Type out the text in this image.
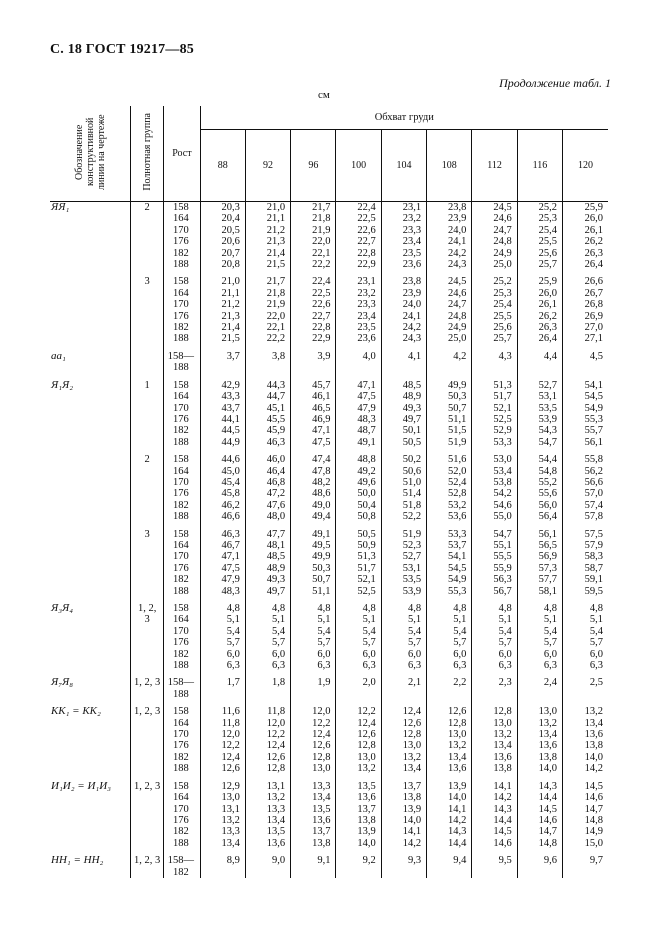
С. 18 ГОСТ 19217—85
Продолжение табл. 1
см
Обозначение конструктивной линии на чертеже	Полнотная группа	Рост	Обхват груди								
			88	92	96	100	104	108	112	116	120
ЯЯ₁	2	158	20,3	21,0	21,7	22,4	23,1	23,8	24,5	25,2	25,9
		164	20,4	21,1	21,8	22,5	23,2	23,9	24,6	25,3	26,0
		170	20,5	21,2	21,9	22,6	23,3	24,0	24,7	25,4	26,1
		176	20,6	21,3	22,0	22,7	23,4	24,1	24,8	25,5	26,2
		182	20,7	21,4	22,1	22,8	23,5	24,2	24,9	25,6	26,3
		188	20,8	21,5	22,2	22,9	23,6	24,3	25,0	25,7	26,4
	3	158	21,0	21,7	22,4	23,1	23,8	24,5	25,2	25,9	26,6
		164	21,1	21,8	22,5	23,2	23,9	24,6	25,3	26,0	26,7
		170	21,2	21,9	22,6	23,3	24,0	24,7	25,4	26,1	26,8
		176	21,3	22,0	22,7	23,4	24,1	24,8	25,5	26,2	26,9
		182	21,4	22,1	22,8	23,5	24,2	24,9	25,6	26,3	27,0
		188	21,5	22,2	22,9	23,6	24,3	25,0	25,7	26,4	27,1
аа₁		158—	3,7	3,8	3,9	4,0	4,1	4,2	4,3	4,4	4,5
		188									
Я₁Я₂	1	158	42,9	44,3	45,7	47,1	48,5	49,9	51,3	52,7	54,1
		164	43,3	44,7	46,1	47,5	48,9	50,3	51,7	53,1	54,5
		170	43,7	45,1	46,5	47,9	49,3	50,7	52,1	53,5	54,9
		176	44,1	45,5	46,9	48,3	49,7	51,1	52,5	53,9	55,3
		182	44,5	45,9	47,1	48,7	50,1	51,5	52,9	54,3	55,7
		188	44,9	46,3	47,5	49,1	50,5	51,9	53,3	54,7	56,1
	2	158	44,6	46,0	47,4	48,8	50,2	51,6	53,0	54,4	55,8
		164	45,0	46,4	47,8	49,2	50,6	52,0	53,4	54,8	56,2
		170	45,4	46,8	48,2	49,6	51,0	52,4	53,8	55,2	56,6
		176	45,8	47,2	48,6	50,0	51,4	52,8	54,2	55,6	57,0
		182	46,2	47,6	49,0	50,4	51,8	53,2	54,6	56,0	57,4
		188	46,6	48,0	49,4	50,8	52,2	53,6	55,0	56,4	57,8
	3	158	46,3	47,7	49,1	50,5	51,9	53,3	54,7	56,1	57,5
		164	46,7	48,1	49,5	50,9	52,3	53,7	55,1	56,5	57,9
		170	47,1	48,5	49,9	51,3	52,7	54,1	55,5	56,9	58,3
		176	47,5	48,9	50,3	51,7	53,1	54,5	55,9	57,3	58,7
		182	47,9	49,3	50,7	52,1	53,5	54,9	56,3	57,7	59,1
		188	48,3	49,7	51,1	52,5	53,9	55,3	56,7	58,1	59,5
Я₃Я₄	1, 2,	158	4,8	4,8	4,8	4,8	4,8	4,8	4,8	4,8	4,8
	3	164	5,1	5,1	5,1	5,1	5,1	5,1	5,1	5,1	5,1
		170	5,4	5,4	5,4	5,4	5,4	5,4	5,4	5,4	5,4
		176	5,7	5,7	5,7	5,7	5,7	5,7	5,7	5,7	5,7
		182	6,0	6,0	6,0	6,0	6,0	6,0	6,0	6,0	6,0
		188	6,3	6,3	6,3	6,3	6,3	6,3	6,3	6,3	6,3
Я₇Я₈	1, 2, 3	158—188	1,7	1,8	1,9	2,0	2,1	2,2	2,3	2,4	2,5
КК₁ = КК₂	1, 2, 3	158	11,6	11,8	12,0	12,2	12,4	12,6	12,8	13,0	13,2
		164	11,8	12,0	12,2	12,4	12,6	12,8	13,0	13,2	13,4
		170	12,0	12,2	12,4	12,6	12,8	13,0	13,2	13,4	13,6
		176	12,2	12,4	12,6	12,8	13,0	13,2	13,4	13,6	13,8
		182	12,4	12,6	12,8	13,0	13,2	13,4	13,6	13,8	14,0
		188	12,6	12,8	13,0	13,2	13,4	13,6	13,8	14,0	14,2
И₁И₂ = И₁И₃	1, 2, 3	158	12,9	13,1	13,3	13,5	13,7	13,9	14,1	14,3	14,5
		164	13,0	13,2	13,4	13,6	13,8	14,0	14,2	14,4	14,6
		170	13,1	13,3	13,5	13,7	13,9	14,1	14,3	14,5	14,7
		176	13,2	13,4	13,6	13,8	14,0	14,2	14,4	14,6	14,8
		182	13,3	13,5	13,7	13,9	14,1	14,3	14,5	14,7	14,9
		188	13,4	13,6	13,8	14,0	14,2	14,4	14,6	14,8	15,0
НН₁ = НН₂	1, 2, 3	158—182	8,9	9,0	9,1	9,2	9,3	9,4	9,5	9,6	9,7
